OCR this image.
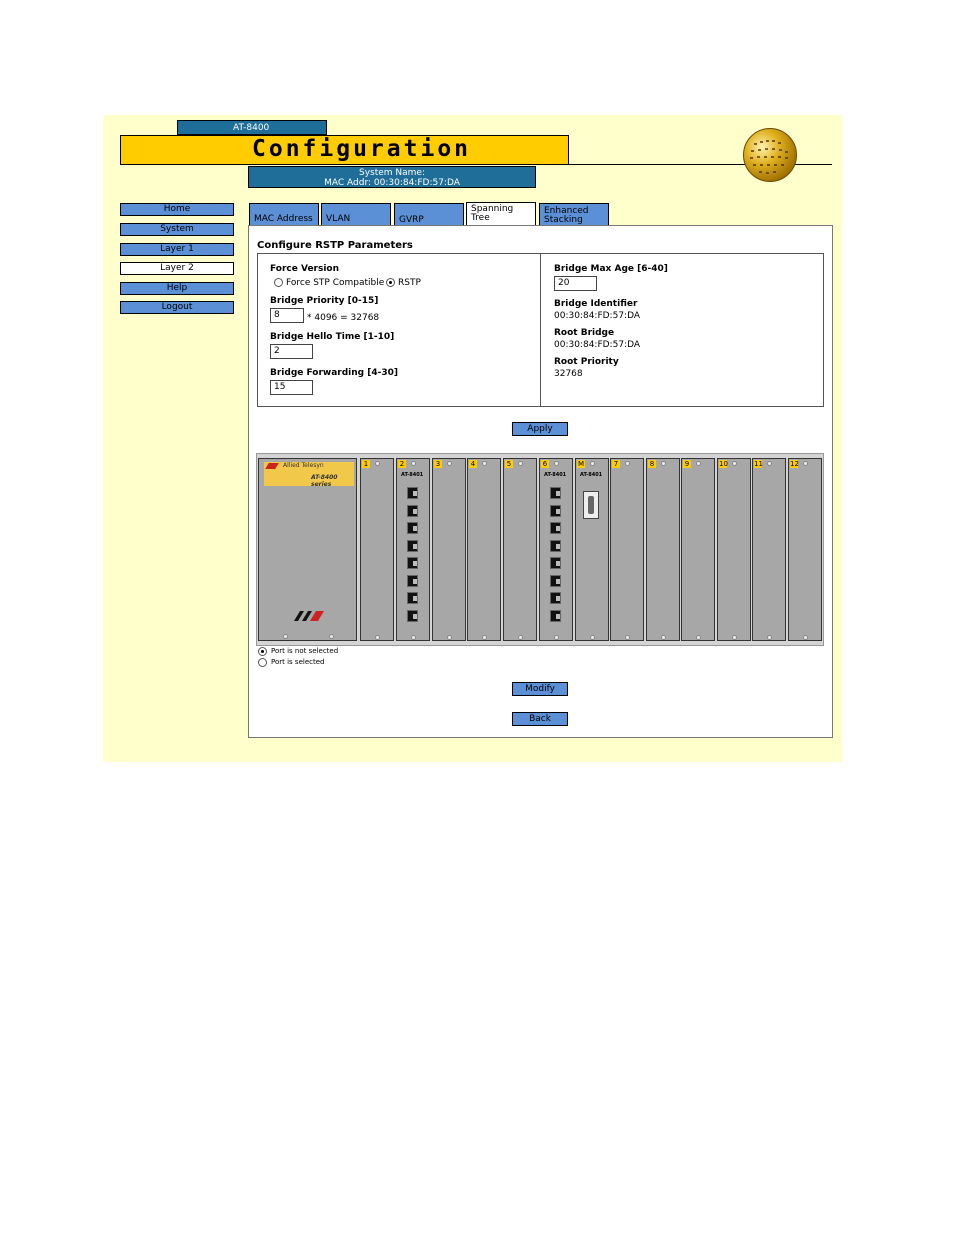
AT-8400
Configuration
System Name:
MAC Addr: 00:30:84:FD:57:DA
Home
System
Layer 1
Layer 2
Help
Logout
MAC Address	VLAN	GVRP
Spanning
Tree
Enhanced
Stacking
Configure RSTP Parameters
Force Version
Force STP Compatible RSTP
Bridge Priority [0-15]
8	* 4096 = 32768
Bridge Hello Time [1-10]
2
Bridge Forwarding [4-30]
15
Bridge Max Age [6-40]
20
Bridge Identifier
00:30:84:FD:57:DA
Root Bridge
00:30:84:FD:57:DA
Root Priority
32768
Apply
Allied Telesyn
AT-8400 series
1	2
AT-8401
3	4	5	6
AT-8401
M
AT-8401
7	8	9	10	11	12
Port is not selected
Port is selected
Modify
Back
